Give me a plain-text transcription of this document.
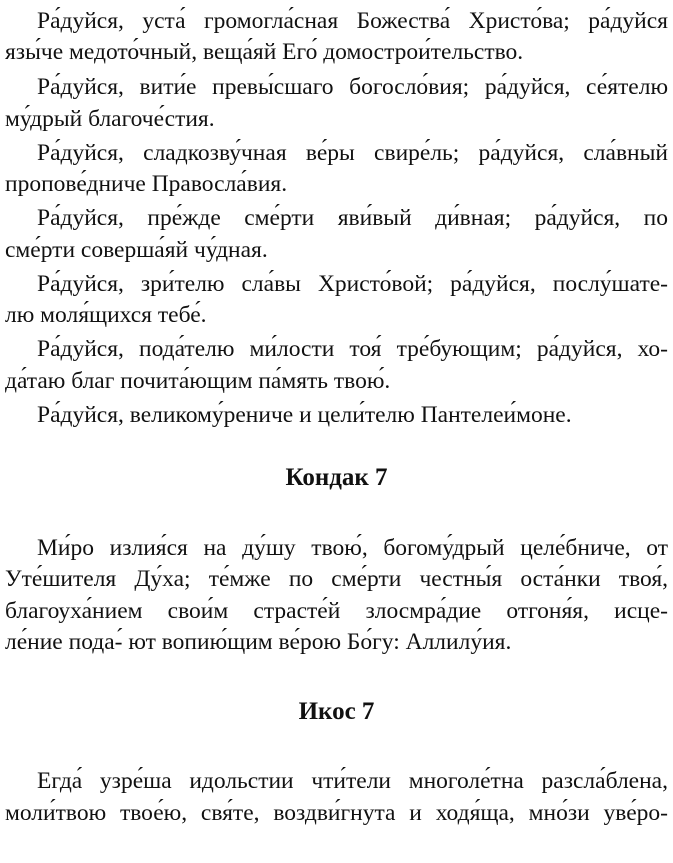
Ра́дуйся, уста́ громогла́сная Божества́ Христо́ва; ра́дуйся
язы́че медото́чный, веща́яй Его́ домострои́тельство.
Ра́дуйся, вити́е превы́сшаго богосло́вия; ра́дуйся, се́ятелю
му́дрый благоче́стия.
Ра́дуйся, сладкозву́чная ве́ры свире́ль; ра́дуйся, сла́вный
пропове́дниче Правосла́вия.
Ра́дуйся, пре́жде сме́рти яви́вый ди́вная; ра́дуйся, по
сме́рти соверша́яй чу́дная.
Ра́дуйся, зри́телю сла́вы Христо́вой; ра́дуйся, послу́шате-
лю моля́щихся тебе́.
Ра́дуйся, пода́телю ми́лости тоя́ тре́бующим; ра́дуйся, хо-
да́таю благ почита́ющим па́мять твою́.
Ра́дуйся, великому́рениче и цели́телю Пантелеи́моне.
Кондак 7
Ми́ро излия́ся на ду́шу твою́, богому́дрый целе́бниче, от
Уте́шителя Ду́ха; те́мже по сме́рти честны́я оста́нки твоя́,
благоуха́нием свои́м страсте́й злосмра́дие отгоня́я, исце-
ле́ние пода-́ ют вопию́щим ве́рою Бо́гу: Аллилу́ия.
Икос 7
Егда́ узре́ша идольстии чти́тели многоле́тна разсла́блена,
моли́твою твое́ю, свя́те, воздви́гнута и ходя́ща, мно́зи уве́ро-
